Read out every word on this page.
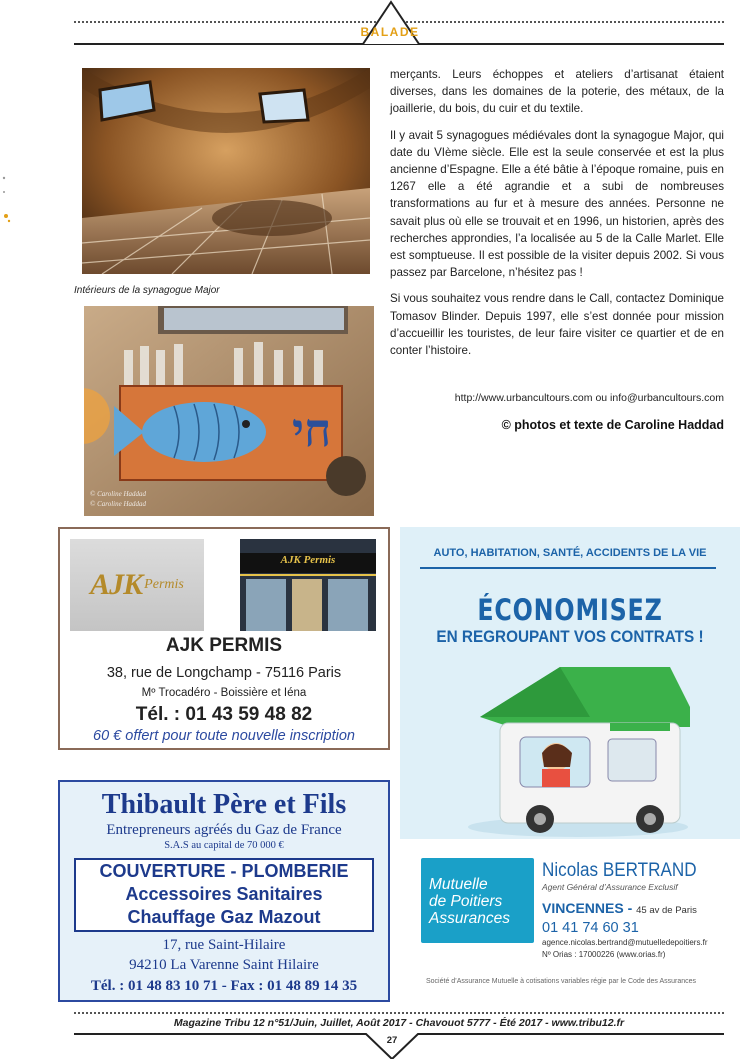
BALADE
Intérieurs de la synagogue Major
חי
© Caroline Haddad
© Caroline Haddad

merçants. Leurs échoppes et ateliers d’artisanat étaient diverses, dans les domaines de la poterie, des métaux, de la joaillerie, du bois, du cuir et du textile.

Il y avait 5 synagogues médiévales dont la synagogue Major, qui date du VIème siècle. Elle est la seule conservée et est la plus ancienne d’Espagne. Elle a été bâtie à l’époque romaine, puis en 1267 elle a été agrandie et a subi de nombreuses transformations au fur et à mesure des années. Personne ne savait plus où elle se trouvait et en 1996, un historien, après des recherches approndies, l’a localisée au 5 de la Calle Marlet. Elle est somptueuse. Il est possible de la visiter depuis 2002. Si vous passez par Barcelone, n’hésitez pas !

Si vous souhaitez vous rendre dans le Call, contactez Dominique Tomasov Blinder. Depuis 1997, elle s’est donnée pour mission d’accueillir les touristes, de leur faire visiter ce quartier et de en conter l’histoire.

http://www.urbancultours.com ou info@urbancultours.com
© photos et texte de Caroline Haddad
AJK Permis
AJK Permis
AJK PERMIS
38, rue de Longchamp - 75116 Paris
Mº Trocadéro - Boissière et Iéna
Tél. : 01 43 59 48 82
60 € offert pour toute nouvelle inscription
AUTO, HABITATION, SANTÉ, ACCIDENTS DE LA VIE
ÉCONOMISEZ
EN REGROUPANT VOS CONTRATS !
Mutuelle
de Poitiers
Assurances
Nicolas BERTRAND
Agent Général d’Assurance Exclusif
VINCENNES - 45 av de Paris
01 41 74 60 31
agence.nicolas.bertrand@mutuelledepoitiers.fr
Nº Orias : 17000226 (www.orias.fr)
Société d’Assurance Mutuelle à cotisations variables régie par le Code des Assurances
Thibault Père et Fils
Entrepreneurs agréés du Gaz de France
S.A.S au capital de 70 000 €
COUVERTURE - PLOMBERIE
Accessoires Sanitaires
Chauffage Gaz Mazout
17, rue Saint-Hilaire
94210 La Varenne Saint Hilaire
Tél. : 01 48 83 10 71 - Fax : 01 48 89 14 35
Magazine Tribu 12 n°51/Juin, Juillet, Août 2017 - Chavouot 5777 - Été 2017 - www.tribu12.fr
27
